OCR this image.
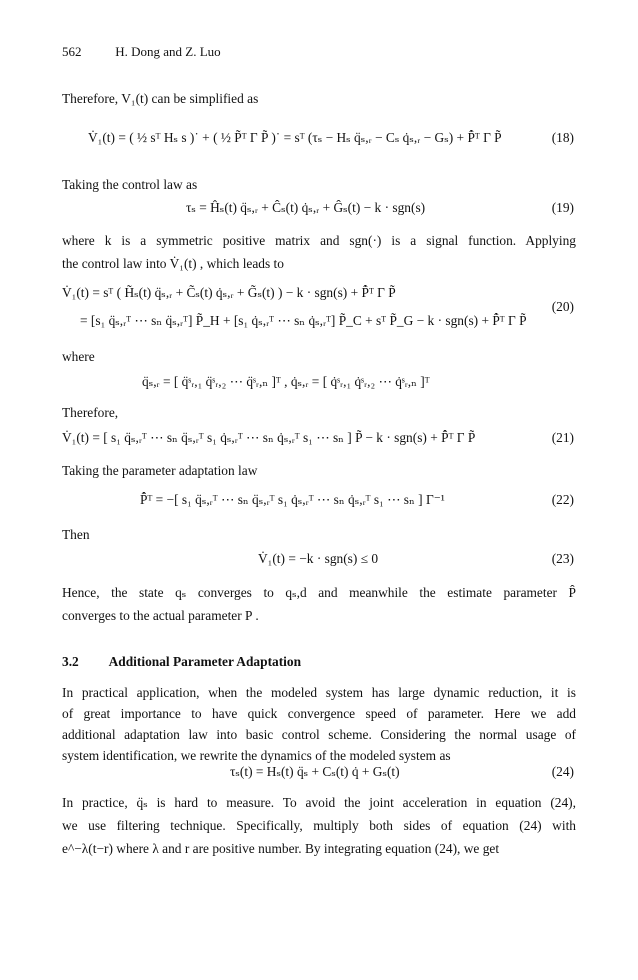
562	H. Dong and Z. Luo
Therefore, V₁(t) can be simplified as
V̇₁(t) = ( ½ sᵀ Hₛ s )˙ + ( ½ P̃ᵀ Γ P̃ )˙ = sᵀ (τₛ − Hₛ q̈ₛ,ᵣ − Cₛ q̇ₛ,ᵣ − Gₛ) + P̂̇ᵀ Γ P̃	(18)
Taking the control law as
τₛ = Ĥₛ(t) q̈ₛ,ᵣ + Ĉₛ(t) q̇ₛ,ᵣ + Ĝₛ(t) − k · sgn(s)	(19)
where k is a symmetric positive matrix and sgn(·) is a signal function. Applying
the control law into V̇₁(t) , which leads to
V̇₁(t) = sᵀ ( H̃ₛ(t) q̈ₛ,ᵣ + C̃ₛ(t) q̇ₛ,ᵣ + G̃ₛ(t) ) − k · sgn(s) + P̂̇ᵀ Γ P̃
= [s₁ q̈ₛ,ᵣᵀ ⋯ sₙ q̈ₛ,ᵣᵀ] P̃_H + [s₁ q̇ₛ,ᵣᵀ ⋯ sₙ q̇ₛ,ᵣᵀ] P̃_C + sᵀ P̃_G − k · sgn(s) + P̂̇ᵀ Γ P̃
(20)
where
q̈ₛ,ᵣ = [ q̈ˢᵣ,₁ q̈ˢᵣ,₂ ⋯ q̈ˢᵣ,ₙ ]ᵀ , q̇ₛ,ᵣ = [ q̇ˢᵣ,₁ q̇ˢᵣ,₂ ⋯ q̇ˢᵣ,ₙ ]ᵀ
Therefore,
V̇₁(t) = [ s₁ q̈ₛ,ᵣᵀ ⋯ sₙ q̈ₛ,ᵣᵀ s₁ q̇ₛ,ᵣᵀ ⋯ sₙ q̇ₛ,ᵣᵀ s₁ ⋯ sₙ ] P̃ − k · sgn(s) + P̂̇ᵀ Γ P̃	(21)
Taking the parameter adaptation law
P̂̇ᵀ = −[ s₁ q̈ₛ,ᵣᵀ ⋯ sₙ q̈ₛ,ᵣᵀ s₁ q̇ₛ,ᵣᵀ ⋯ sₙ q̇ₛ,ᵣᵀ s₁ ⋯ sₙ ] Γ⁻¹	(22)
Then
V̇₁(t) = −k · sgn(s) ≤ 0	(23)
Hence, the state qₛ converges to qₛ,d and meanwhile the estimate parameter P̂
converges to the actual parameter P .
3.2 Additional Parameter Adaptation
In practical application, when the modeled system has large dynamic reduction, it is
of great importance to have quick convergence speed of parameter. Here we add
additional adaptation law into basic control scheme. Considering the normal usage of
system identification, we rewrite the dynamics of the modeled system as
τₛ(t) = Hₛ(t) q̈ₛ + Cₛ(t) q̇ + Gₛ(t)	(24)
In practice, q̈ₛ is hard to measure. To avoid the joint acceleration in equation (24),
we use filtering technique. Specifically, multiply both sides of equation (24) with
e^−λ(t−r) where λ and r are positive number. By integrating equation (24), we get
